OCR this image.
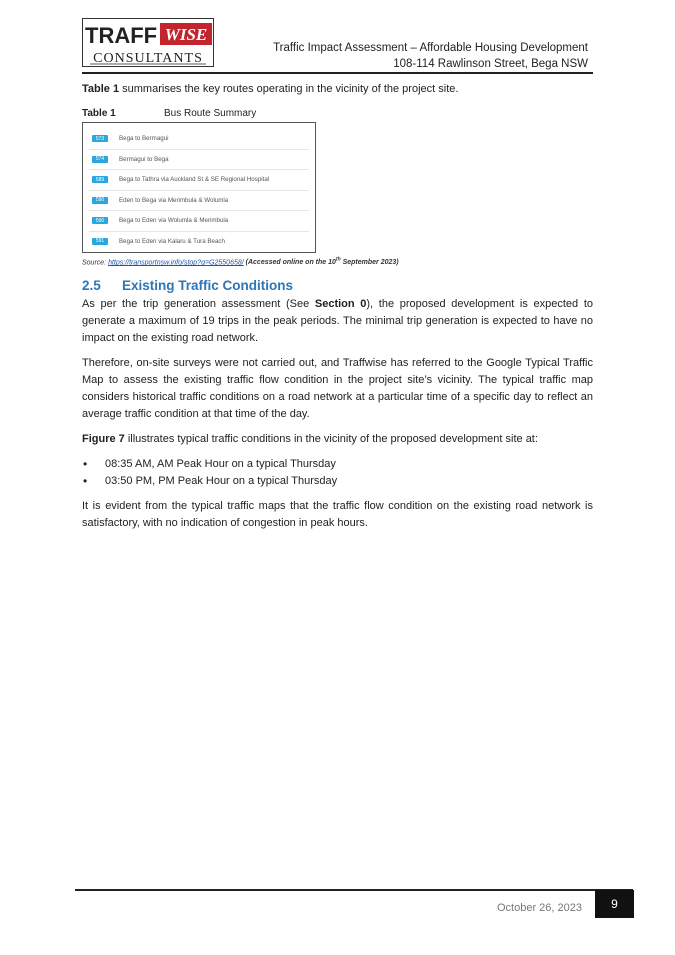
TRAFF WISE
CONSULTANTS
Traffic Impact Assessment – Affordable Housing Development
108-114 Rawlinson Street, Bega NSW

Table 1 summarises the key routes operating in the vicinity of the project site.

Table 1	Bus Route Summary
573	Bega to Bermagui
574	Bermagui to Bega
589	Bega to Tathra via Auckland St & SE Regional Hospital
590	Eden to Bega via Merimbula & Wolumla
590	Bega to Eden via Wolumla & Merimbula
591	Bega to Eden via Kalaru & Tura Beach
Source: https://transportnsw.info/stop?q=G2550658/ (Accessed online on the 10th September 2023)
2.5 Existing Traffic Conditions

As per the trip generation assessment (See Section 0), the proposed development is expected to generate a maximum of 19 trips in the peak periods. The minimal trip generation is expected to have no impact on the existing road network.

Therefore, on-site surveys were not carried out, and Traffwise has referred to the Google Typical Traffic Map to assess the existing traffic flow condition in the project site’s vicinity. The typical traffic map considers historical traffic conditions on a road network at a particular time of a specific day to reflect an average traffic condition at that time of the day.

Figure 7 illustrates typical traffic conditions in the vicinity of the proposed development site at:

• 08:35 AM, AM Peak Hour on a typical Thursday
• 03:50 PM, PM Peak Hour on a typical Thursday

It is evident from the typical traffic maps that the traffic flow condition on the existing road network is satisfactory, with no indication of congestion in peak hours.

October 26, 2023	9
